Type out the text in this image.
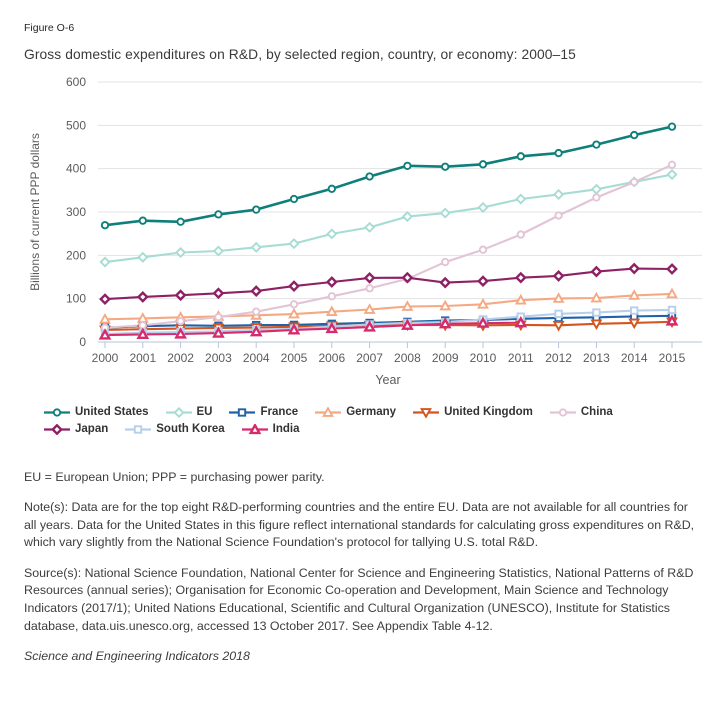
Figure O-6
Gross domestic expenditures on R&D, by selected region, country, or economy: 2000–15
0
100
200
300
400
500
600
2000 2001 2002 2003 2004 2005 2006 2007 2008 2009 2010 2011 2012 2013 2014 2015
Billions of current PPP dollars
Year
United States	EU	France	Germany	United Kingdom	China
Japan	South Korea	India

EU = European Union; PPP = purchasing power parity.

Note(s): Data are for the top eight R&D-performing countries and the entire EU. Data are not available for all countries for all years. Data for the United States in this figure reflect international standards for calculating gross expenditures on R&D, which vary slightly from the National Science Foundation's protocol for tallying U.S. total R&D.

Source(s): National Science Foundation, National Center for Science and Engineering Statistics, National Patterns of R&D Resources (annual series); Organisation for Economic Co-operation and Development, Main Science and Technology Indicators (2017/1); United Nations Educational, Scientific and Cultural Organization (UNESCO), Institute for Statistics database, data.uis.unesco.org, accessed 13 October 2017. See Appendix Table 4-12.

Science and Engineering Indicators 2018
